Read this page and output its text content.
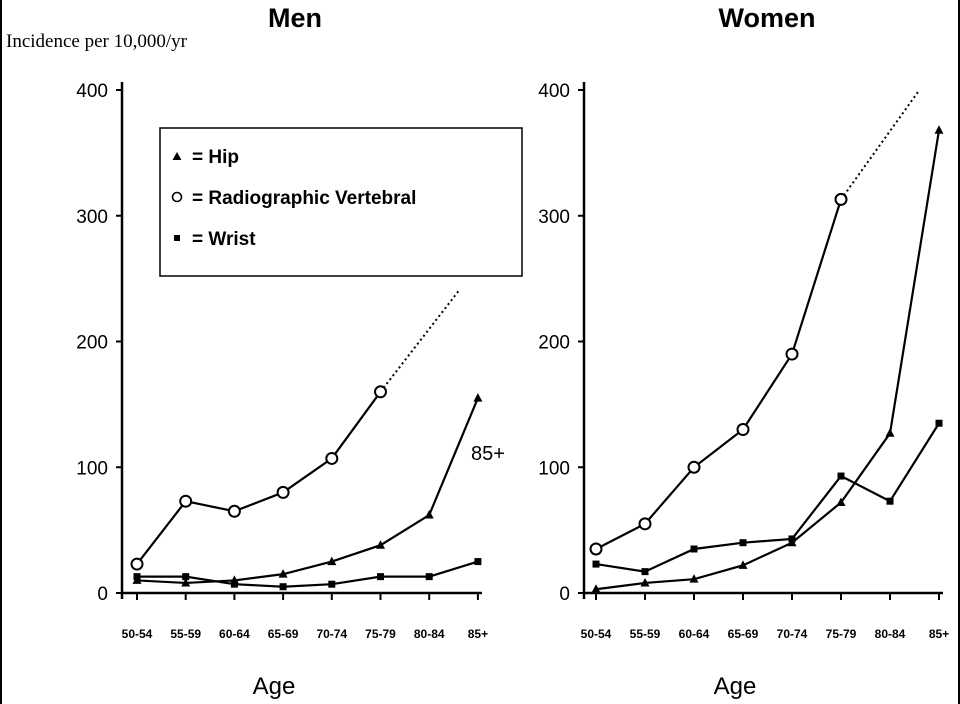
Incidence per 10,000/yr
Men
0
100
200
300
400
50-54 55-59 60-64 65-69 70-74 75-79 80-84 85+
Age
85+
Women
0
100
200
300
400
50-54 55-59 60-64 65-69 70-74 75-79 80-84 85+
Age
= Hip
= Radiographic Vertebral
= Wrist
